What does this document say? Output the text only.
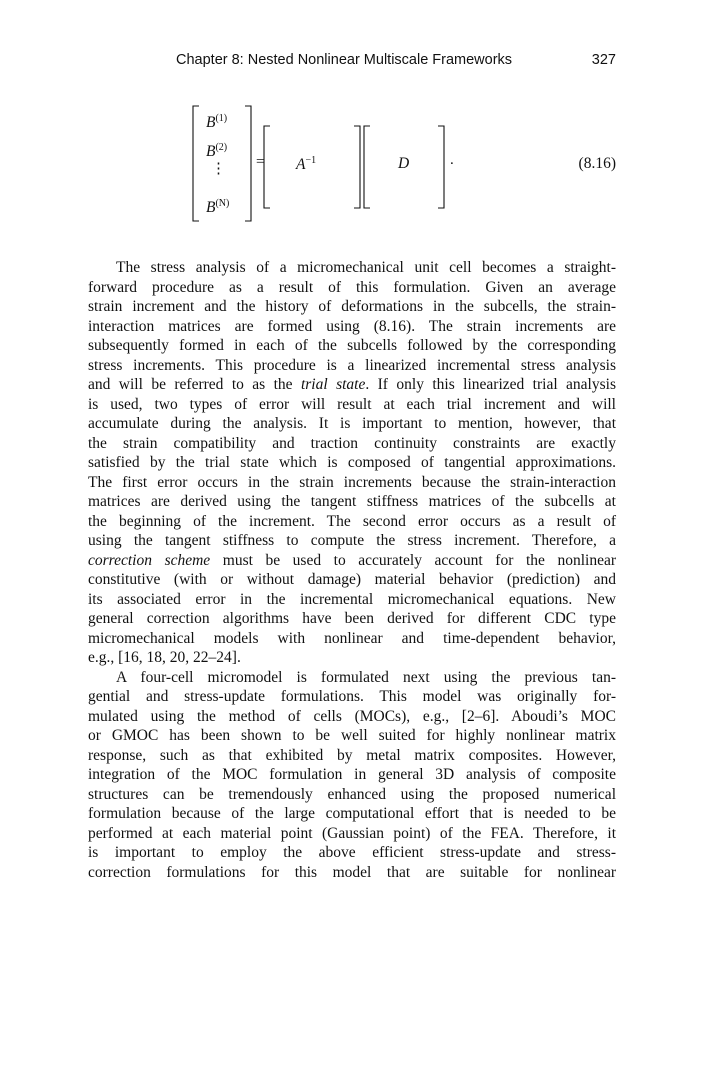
Chapter 8: Nested Nonlinear Multiscale Frameworks	327
$B^{(1)}$
$B^{(2)}$
⋮
$B^{(N)}$
= $A^{-1}$	D	.	(8.16)
The stress analysis of a micromechanical unit cell becomes a straight-
forward procedure as a result of this formulation. Given an average
strain increment and the history of deformations in the subcells, the strain-
interaction matrices are formed using (8.16). The strain increments are
subsequently formed in each of the subcells followed by the corresponding
stress increments. This procedure is a linearized incremental stress analysis
and will be referred to as the trial state. If only this linearized trial analysis
is used, two types of error will result at each trial increment and will
accumulate during the analysis. It is important to mention, however, that
the strain compatibility and traction continuity constraints are exactly
satisfied by the trial state which is composed of tangential approximations.
The first error occurs in the strain increments because the strain-interaction
matrices are derived using the tangent stiffness matrices of the subcells at
the beginning of the increment. The second error occurs as a result of
using the tangent stiffness to compute the stress increment. Therefore, a
correction scheme must be used to accurately account for the nonlinear
constitutive (with or without damage) material behavior (prediction) and
its associated error in the incremental micromechanical equations. New
general correction algorithms have been derived for different CDC type
micromechanical models with nonlinear and time-dependent behavior,
e.g., [16, 18, 20, 22–24].
A four-cell micromodel is formulated next using the previous tan-
gential and stress-update formulations. This model was originally for-
mulated using the method of cells (MOCs), e.g., [2–6]. Aboudi’s MOC
or GMOC has been shown to be well suited for highly nonlinear matrix
response, such as that exhibited by metal matrix composites. However,
integration of the MOC formulation in general 3D analysis of composite
structures can be tremendously enhanced using the proposed numerical
formulation because of the large computational effort that is needed to be
performed at each material point (Gaussian point) of the FEA. Therefore, it
is important to employ the above efficient stress-update and stress-
correction formulations for this model that are suitable for nonlinear
